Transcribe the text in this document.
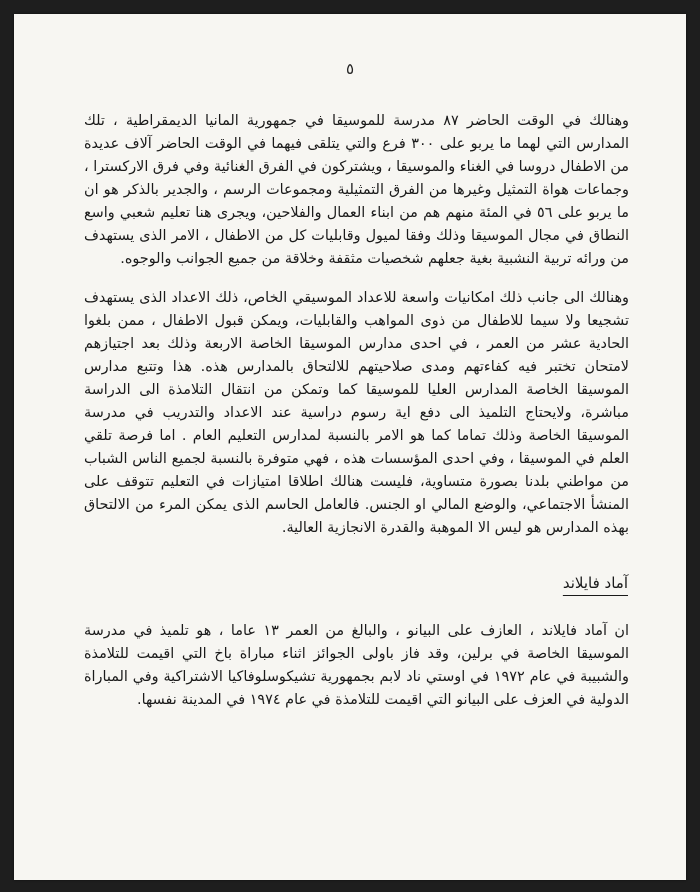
٥

وهنالك في الوقت الحاضر ٨٧ مدرسة للموسيقا في جمهورية المانيا الديمقراطية ، تلك المدارس التي لهما ما يربو على ٣٠٠ فرع والتي يتلقى فيهما في الوقت الحاضر آلاف عديدة من الاطفال دروسا في الغناء والموسيقا ، ويشتركون في الفرق الغنائية وفي فرق الاركسترا ، وجماعات هواة التمثيل وغيرها من الفرق التمثيلية ومجموعات الرسم ، والجدير بالذكر هو ان ما يربو على ٥٦ في المئة منهم هم من ابناء العمال والفلاحين، ويجرى هنا تعليم شعبي واسع النطاق في مجال الموسيقا وذلك وفقا لميول وقابليات كل من الاطفال ، الامر الذى يستهدف من ورائه تربية النشبية بغية جعلهم شخصيات مثقفة وخلاقة من جميع الجوانب والوجوه.

وهنالك الى جانب ذلك امكانيات واسعة للاعداد الموسيقي الخاص، ذلك الاعداد الذى يستهدف تشجيعا ولا سيما للاطفال من ذوى المواهب والقابليات، ويمكن قبول الاطفال ، ممن بلغوا الحادية عشر من العمر ، في احدى مدارس الموسيقا الخاصة الاربعة وذلك بعد اجتيازهم لامتحان تختبر فيه كفاءتهم ومدى صلاحيتهم للالتحاق بالمدارس هذه. هذا وتتبع مدارس الموسيقا الخاصة المدارس العليا للموسيقا كما وتمكن من انتقال التلامذة الى الدراسة مباشرة، ولايحتاج التلميذ الى دفع اية رسوم دراسية عند الاعداد والتدريب في مدرسة الموسيقا الخاصة وذلك تماما كما هو الامر بالنسبة لمدارس التعليم العام . اما فرصة تلقي العلم في الموسيقا ، وفي احدى المؤسسات هذه ، فهي متوفرة بالنسبة لجميع الناس الشباب من مواطني بلدنا بصورة متساوية، فليست هنالك اطلاقا امتيازات في التعليم تتوقف على المنشأ الاجتماعي، والوضع المالي او الجنس. فالعامل الحاسم الذى يمكن المرء من الالتحاق بهذه المدارس هو ليس الا الموهبة والقدرة الانجازية العالية.

آماد فايلاند

ان آماد فايلاند ، العازف على البيانو ، والبالغ من العمر ١٣ عاما ، هو تلميذ في مدرسة الموسيقا الخاصة في برلين، وقد فاز باولى الجوائز اثناء مباراة باخ التي اقيمت للتلامذة والشبيبة في عام ١٩٧٢ في اوستي ناد لابم بجمهورية تشيكوسلوفاكيا الاشتراكية وفي المباراة الدولية في العزف على البيانو التي اقيمت للتلامذة في عام ١٩٧٤ في المدينة نفسها.
